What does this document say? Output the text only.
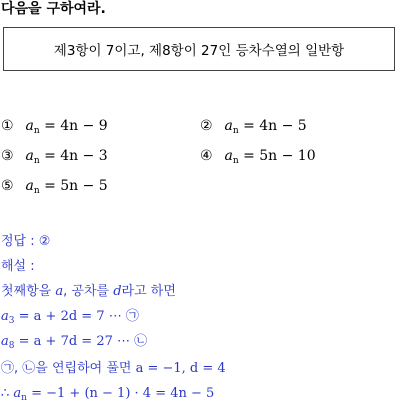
다음을 구하여라.
제3항이 7이고, 제8항이 27인 등차수열의 일반항
① $a_n = 4n - 9$	② $a_n = 4n - 5$
③ $a_n = 4n - 3$	④ $a_n = 5n - 10$
⑤ $a_n = 5n - 5$
정답 : ②
해설 :
첫째항을 a, 공차를 d라고 하면
$a_3 = a + 2d = 7$ ⋯ ㉠
$a_8 = a + 7d = 27$ ⋯ ㉡
㉠, ㉡을 연립하여 풀면 a = −1, d = 4
∴ $a_n = -1 + (n - 1) \cdot 4 = 4n - 5$
